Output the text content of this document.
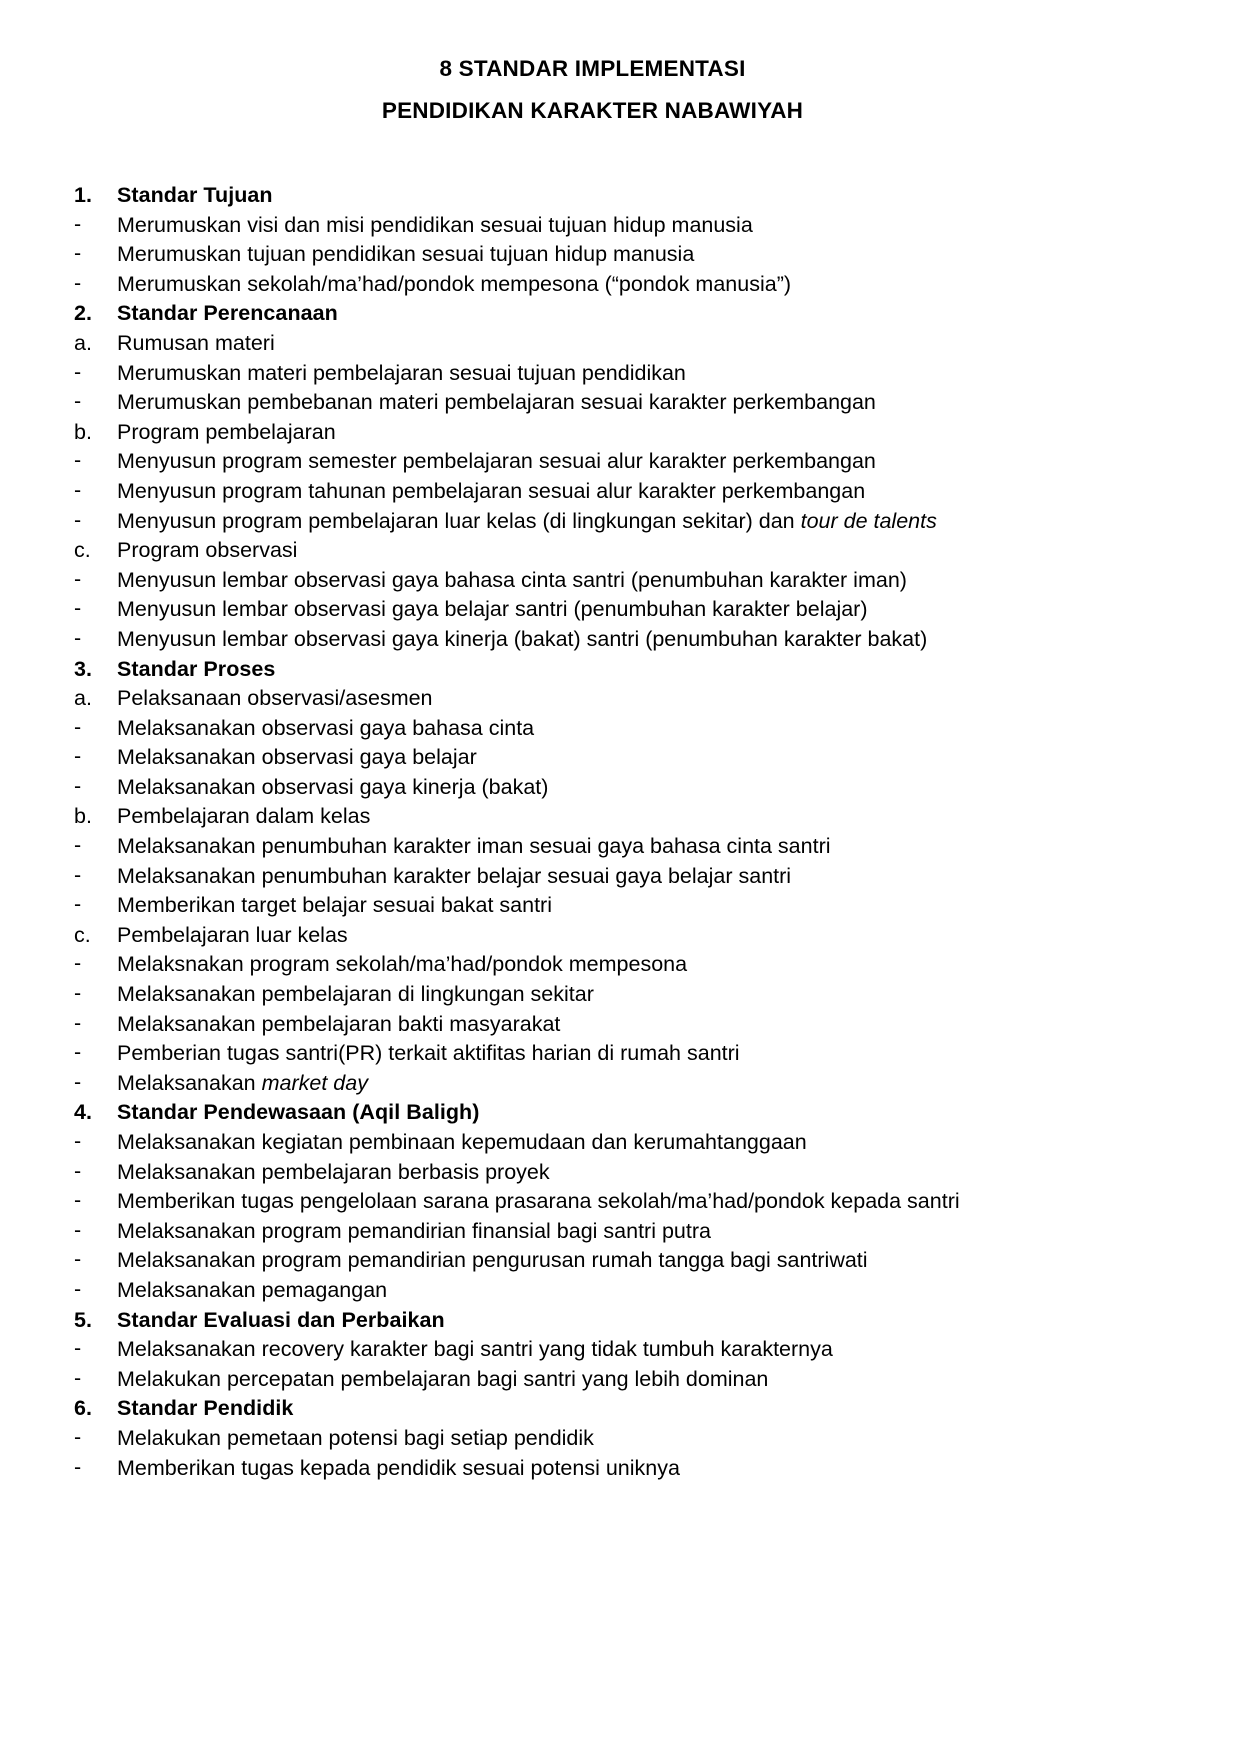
8 STANDAR IMPLEMENTASI
PENDIDIKAN KARAKTER NABAWIYAH
1.	Standar Tujuan
-	Merumuskan visi dan misi pendidikan sesuai tujuan hidup manusia
-	Merumuskan tujuan pendidikan sesuai tujuan hidup manusia
-	Merumuskan sekolah/ma’had/pondok mempesona (“pondok manusia”)
2.	Standar Perencanaan
a.	Rumusan materi
-	Merumuskan materi pembelajaran sesuai tujuan pendidikan
-	Merumuskan pembebanan materi pembelajaran sesuai karakter perkembangan
b.	Program pembelajaran
-	Menyusun program semester pembelajaran sesuai alur karakter perkembangan
-	Menyusun program tahunan pembelajaran sesuai alur karakter perkembangan
-	Menyusun program pembelajaran luar kelas (di lingkungan sekitar) dan tour de talents
c.	Program observasi
-	Menyusun lembar observasi gaya bahasa cinta santri (penumbuhan karakter iman)
-	Menyusun lembar observasi gaya belajar santri (penumbuhan karakter belajar)
-	Menyusun lembar observasi gaya kinerja (bakat) santri (penumbuhan karakter bakat)
3.	Standar Proses
a.	Pelaksanaan observasi/asesmen
-	Melaksanakan observasi gaya bahasa cinta
-	Melaksanakan observasi gaya belajar
-	Melaksanakan observasi gaya kinerja (bakat)
b.	Pembelajaran dalam kelas
-	Melaksanakan penumbuhan karakter iman sesuai gaya bahasa cinta santri
-	Melaksanakan penumbuhan karakter belajar sesuai gaya belajar santri
-	Memberikan target belajar sesuai bakat santri
c.	Pembelajaran luar kelas
-	Melaksnakan program sekolah/ma’had/pondok mempesona
-	Melaksanakan pembelajaran di lingkungan sekitar
-	Melaksanakan pembelajaran bakti masyarakat
-	Pemberian tugas santri(PR) terkait aktifitas harian di rumah santri
-	Melaksanakan market day
4.	Standar Pendewasaan (Aqil Baligh)
-	Melaksanakan kegiatan pembinaan kepemudaan dan kerumahtanggaan
-	Melaksanakan pembelajaran berbasis proyek
-	Memberikan tugas pengelolaan sarana prasarana sekolah/ma’had/pondok kepada santri
-	Melaksanakan program pemandirian finansial bagi santri putra
-	Melaksanakan program pemandirian pengurusan rumah tangga bagi santriwati
-	Melaksanakan pemagangan
5.	Standar Evaluasi dan Perbaikan
-	Melaksanakan recovery karakter bagi santri yang tidak tumbuh karakternya
-	Melakukan percepatan pembelajaran bagi santri yang lebih dominan
6.	Standar Pendidik
-	Melakukan pemetaan potensi bagi setiap pendidik
-	Memberikan tugas kepada pendidik sesuai potensi uniknya
